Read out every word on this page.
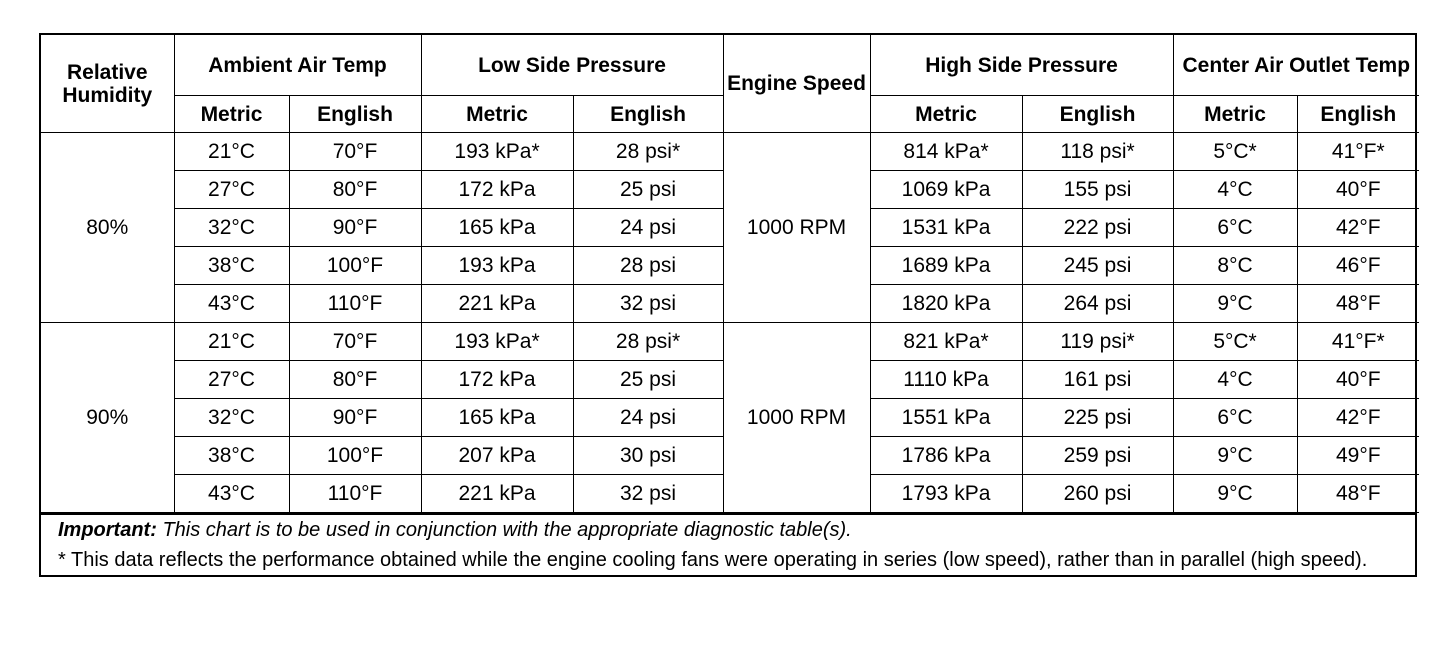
Relative Humidity	Ambient Air Temp		Low Side Pressure		Engine Speed	High Side Pressure		Center Air Outlet Temp	
	Metric	English	Metric	English		Metric	English	Metric	English
80%	21°C	70°F	193 kPa*	28 psi*	1000 RPM	814 kPa*	118 psi*	5°C*	41°F*
	27°C	80°F	172 kPa	25 psi		1069 kPa	155 psi	4°C	40°F
	32°C	90°F	165 kPa	24 psi		1531 kPa	222 psi	6°C	42°F
	38°C	100°F	193 kPa	28 psi		1689 kPa	245 psi	8°C	46°F
	43°C	110°F	221 kPa	32 psi		1820 kPa	264 psi	9°C	48°F
90%	21°C	70°F	193 kPa*	28 psi*	1000 RPM	821 kPa*	119 psi*	5°C*	41°F*
	27°C	80°F	172 kPa	25 psi		1110 kPa	161 psi	4°C	40°F
	32°C	90°F	165 kPa	24 psi		1551 kPa	225 psi	6°C	42°F
	38°C	100°F	207 kPa	30 psi		1786 kPa	259 psi	9°C	49°F
	43°C	110°F	221 kPa	32 psi		1793 kPa	260 psi	9°C	48°F

Important: This chart is to be used in conjunction with the appropriate diagnostic table(s).

* This data reflects the performance obtained while the engine cooling fans were operating in series (low speed), rather than in parallel (high speed).
